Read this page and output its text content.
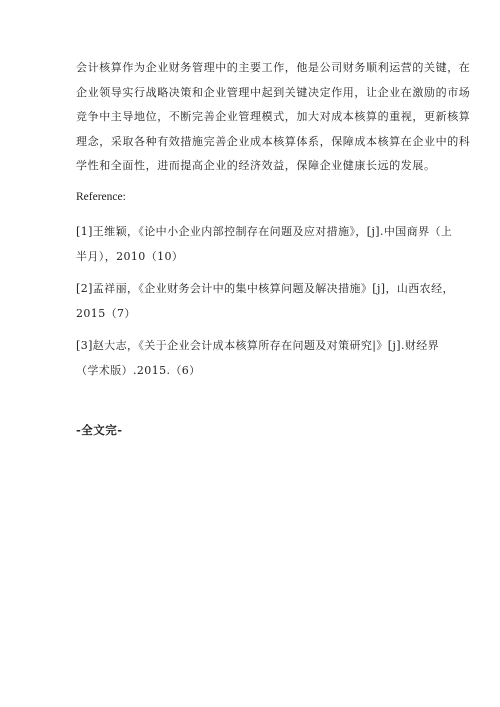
会计核算作为企业财务管理中的主要工作，他是公司财务顺利运营的关键，在
企业领导实行战略决策和企业管理中起到关键决定作用，让企业在激励的市场
竞争中主导地位，不断完善企业管理模式，加大对成本核算的重视，更新核算
理念，采取各种有效措施完善企业成本核算体系，保障成本核算在企业中的科
学性和全面性，进而提高企业的经济效益，保障企业健康长远的发展。

Reference:

[1]王维颖，《论中小企业内部控制存在问题及应对措施》，[j].中国商界（上
半月），2010（10）
[2]孟祥丽，《企业财务会计中的集中核算问题及解决措施》[j]，山西农经，
2015（7）
[3]赵大志，《关于企业会计成本核算所存在问题及对策研究|》[j].财经界
（学术版）.2015.（6）

-全文完-
